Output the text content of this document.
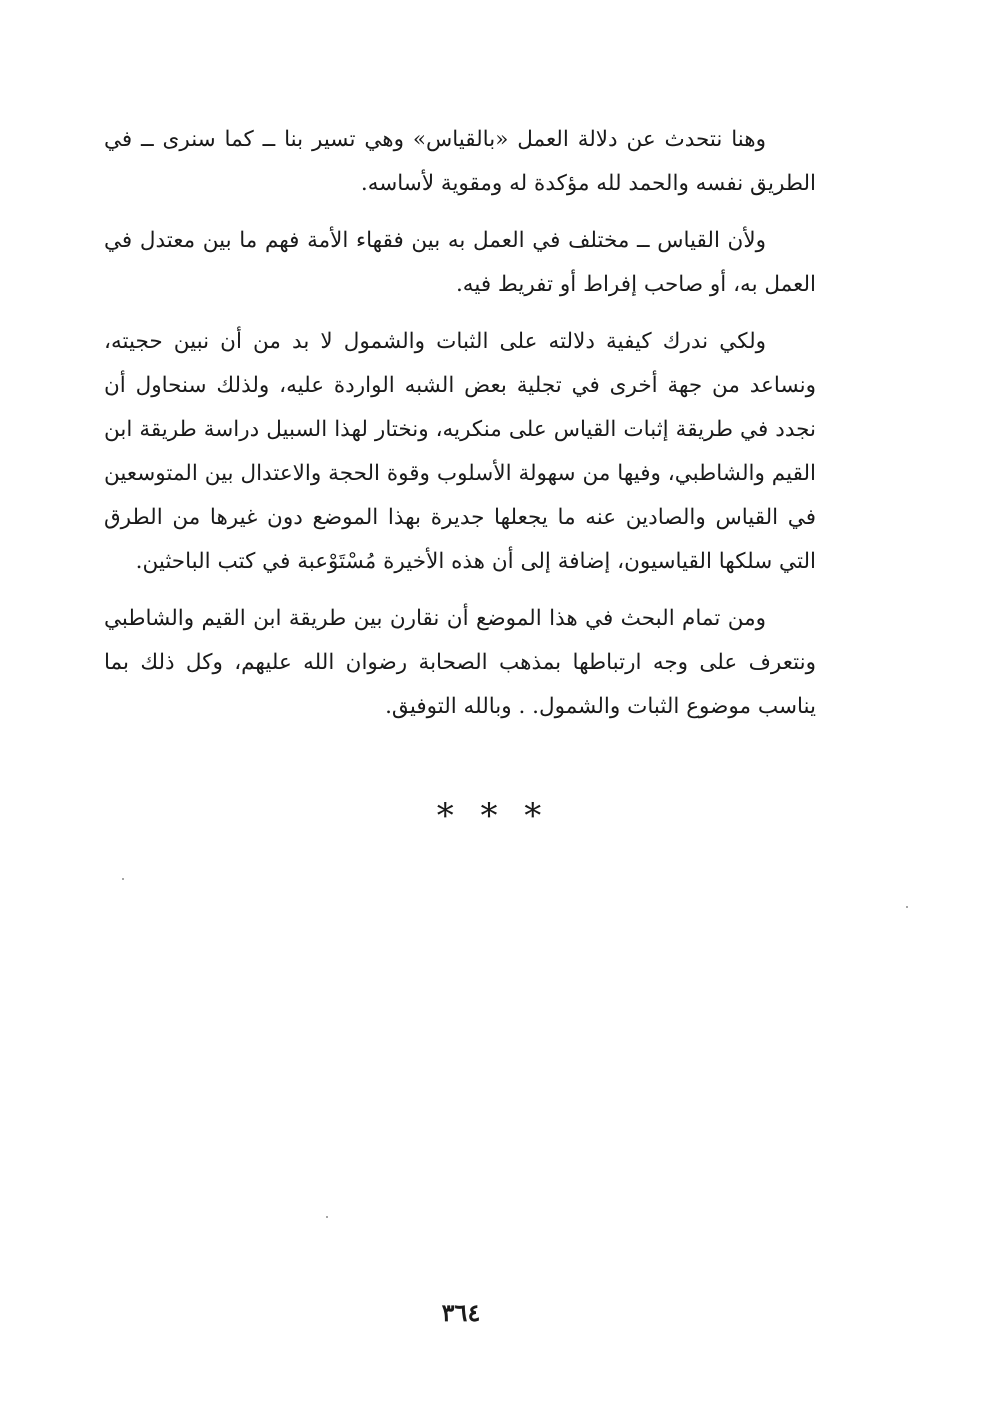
وهنا نتحدث عن دلالة العمل «بالقياس» وهي تسير بنا ــ كما سنرى ــ في الطريق نفسه والحمد لله مؤكدة له ومقوية لأساسه.

ولأن القياس ــ مختلف في العمل به بين فقهاء الأمة فهم ما بين معتدل في العمل به، أو صاحب إفراط أو تفريط فيه.

ولكي ندرك كيفية دلالته على الثبات والشمول لا بد من أن نبين حجيته، ونساعد من جهة أخرى في تجلية بعض الشبه الواردة عليه، ولذلك سنحاول أن نجدد في طريقة إثبات القياس على منكريه، ونختار لهذا السبيل دراسة طريقة ابن القيم والشاطبي، وفيها من سهولة الأسلوب وقوة الحجة والاعتدال بين المتوسعين في القياس والصادين عنه ما يجعلها جديرة بهذا الموضع دون غيرها من الطرق التي سلكها القياسيون، إضافة إلى أن هذه الأخيرة مُسْتَوْعبة في كتب الباحثين.

ومن تمام البحث في هذا الموضع أن نقارن بين طريقة ابن القيم والشاطبي ونتعرف على وجه ارتباطها بمذهب الصحابة رضوان الله عليهم، وكل ذلك بما يناسب موضوع الثبات والشمول. . وبالله التوفيق.

* * *
٣٦٤
